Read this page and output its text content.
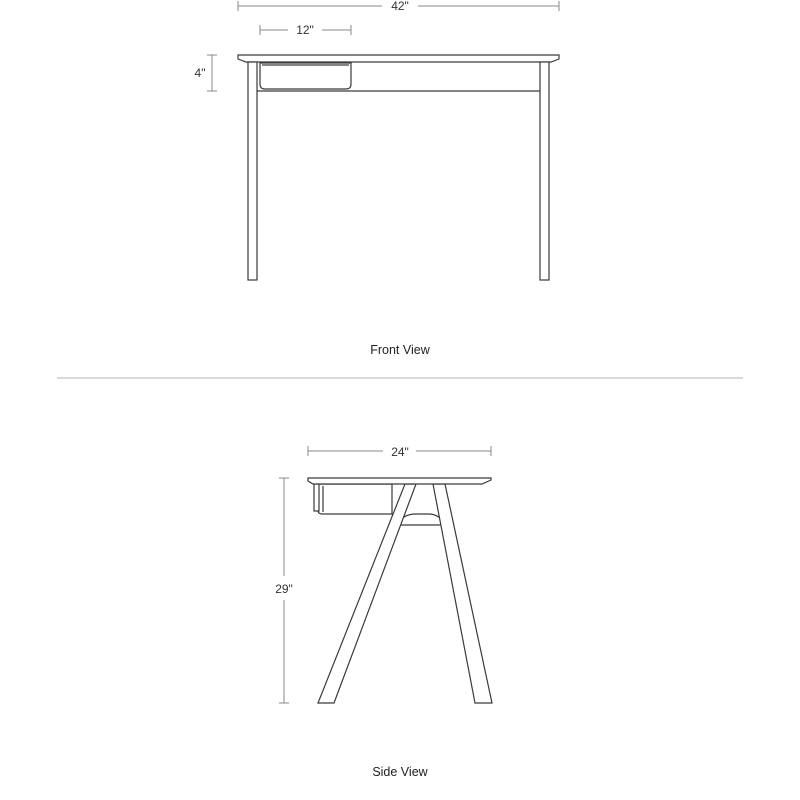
42"
12"
4"
Front View
24"
29"
Side View
